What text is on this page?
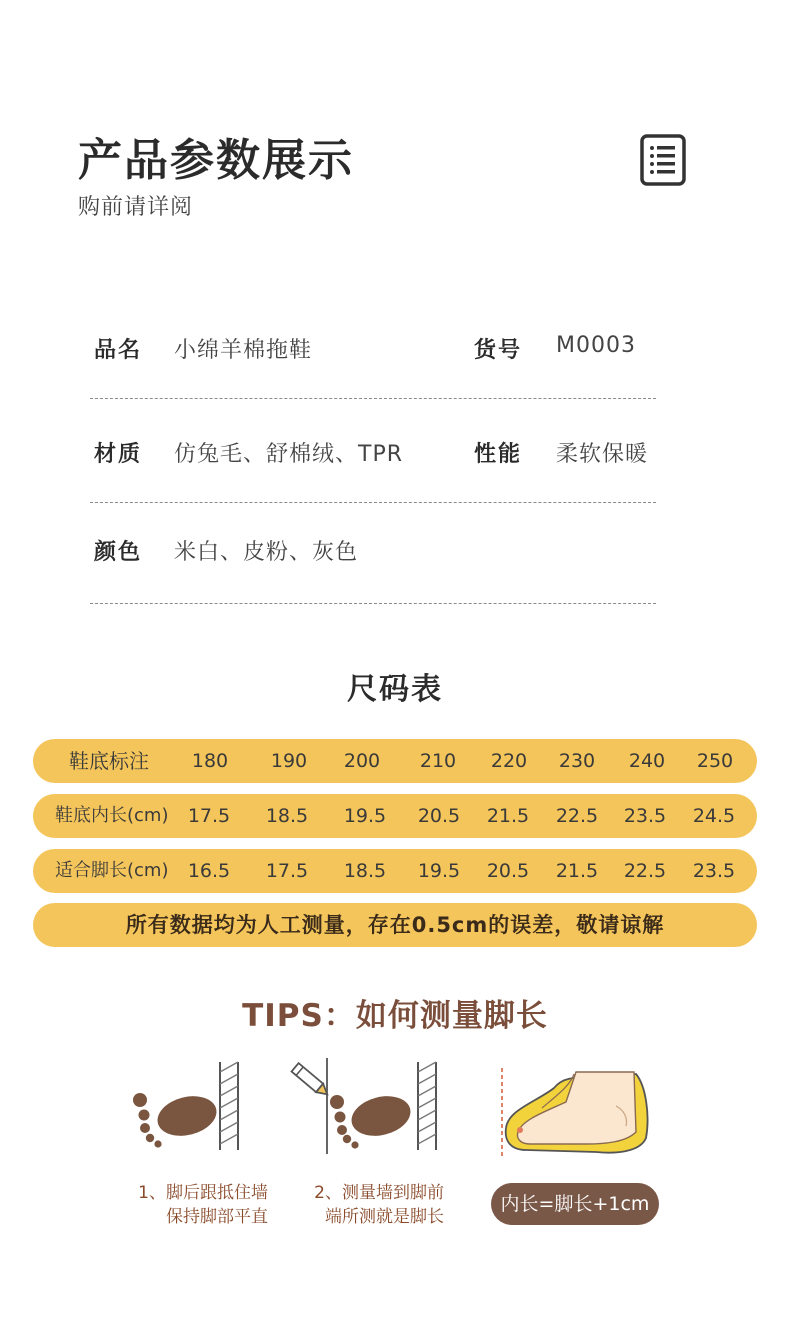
产品参数展示
购前请详阅
品名 小绵羊棉拖鞋	货号 M0003
材质 仿兔毛、舒棉绒、TPR	性能 柔软保暖
颜色 米白、皮粉、灰色
尺码表
鞋底标注	180	190	200	210	220	230	240	250
鞋底内长(cm)	17.5	18.5	19.5	20.5	21.5	22.5	23.5	24.5
适合脚长(cm)	16.5	17.5	18.5	19.5	20.5	21.5	22.5	23.5
所有数据均为人工测量，存在0.5cm的误差，敬请谅解
TIPS：如何测量脚长
1、脚后跟抵住墙
保持脚部平直
2、测量墙到脚前
端所测就是脚长
内长=脚长+1cm
